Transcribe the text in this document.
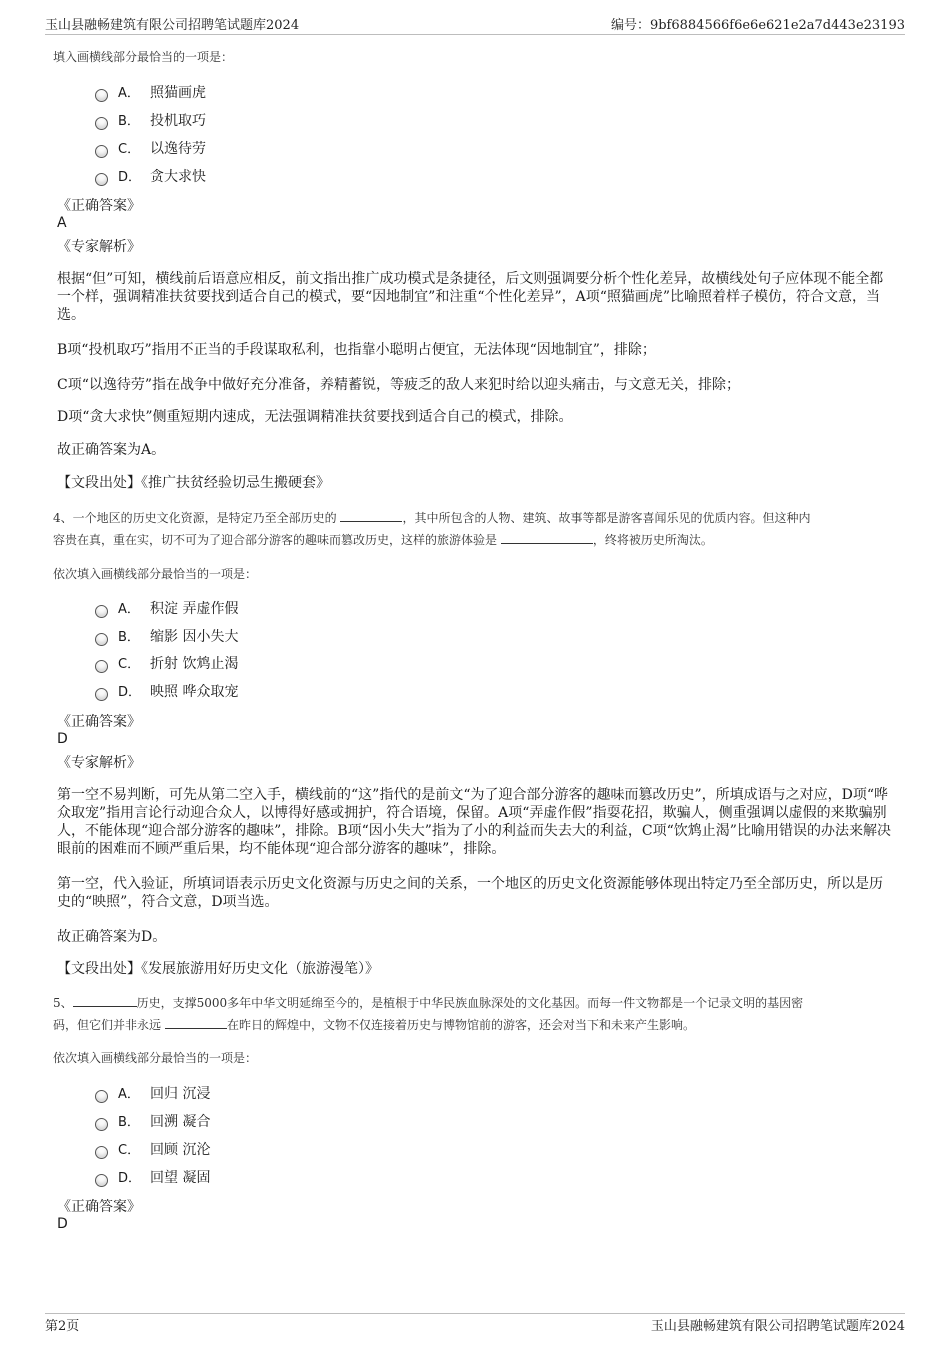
玉山县融畅建筑有限公司招聘笔试题库2024	编号：9bf6884566f6e6e621e2a7d443e23193
填入画横线部分最恰当的一项是：
A． 照猫画虎
B． 投机取巧
C． 以逸待劳
D． 贪大求快
《正确答案》
A
《专家解析》
根据“但”可知，横线前后语意应相反，前文指出推广成功模式是条捷径，后文则强调要分析个性化差异，故横线处句子应体现不能全都一个样，强调精准扶贫要找到适合自己的模式，要“因地制宜”和注重“个性化差异”，A项“照猫画虎”比喻照着样子模仿，符合文意，当选。
B项“投机取巧”指用不正当的手段谋取私利，也指靠小聪明占便宜，无法体现“因地制宜”，排除；
C项“以逸待劳”指在战争中做好充分准备，养精蓄锐，等疲乏的敌人来犯时给以迎头痛击，与文意无关，排除；
D项“贪大求快”侧重短期内速成，无法强调精准扶贫要找到适合自己的模式，排除。
故正确答案为A。
【文段出处】《推广扶贫经验切忌生搬硬套》
4、一个地区的历史文化资源，是特定乃至全部历史的	，其中所包含的人物、建筑、故事等都是游客喜闻乐见的优质内容。但这种内
容贵在真，重在实，切不可为了迎合部分游客的趣味而篡改历史，这样的旅游体验是	，终将被历史所淘汰。
依次填入画横线部分最恰当的一项是：
A． 积淀 弄虚作假
B． 缩影 因小失大
C． 折射 饮鸩止渴
D． 映照 哗众取宠
《正确答案》
D
《专家解析》
第一空不易判断，可先从第二空入手，横线前的“这”指代的是前文“为了迎合部分游客的趣味而篡改历史”，所填成语与之对应，D项“哗众取宠”指用言论行动迎合众人，以博得好感或拥护，符合语境，保留。A项“弄虚作假”指耍花招，欺骗人，侧重强调以虚假的来欺骗别人，不能体现“迎合部分游客的趣味”，排除。B项“因小失大”指为了小的利益而失去大的利益，C项“饮鸩止渴”比喻用错误的办法来解决眼前的困难而不顾严重后果，均不能体现“迎合部分游客的趣味”，排除。
第一空，代入验证，所填词语表示历史文化资源与历史之间的关系，一个地区的历史文化资源能够体现出特定乃至全部历史，所以是历史的“映照”，符合文意，D项当选。
故正确答案为D。
【文段出处】《发展旅游用好历史文化（旅游漫笔）》
5、	历史，支撑5000多年中华文明延绵至今的，是植根于中华民族血脉深处的文化基因。而每一件文物都是一个记录文明的基因密
码，但它们并非永远	在昨日的辉煌中，文物不仅连接着历史与博物馆前的游客，还会对当下和未来产生影响。
依次填入画横线部分最恰当的一项是：
A． 回归 沉浸
B． 回溯 凝合
C． 回顾 沉沦
D． 回望 凝固
《正确答案》
D
第2页	玉山县融畅建筑有限公司招聘笔试题库2024
